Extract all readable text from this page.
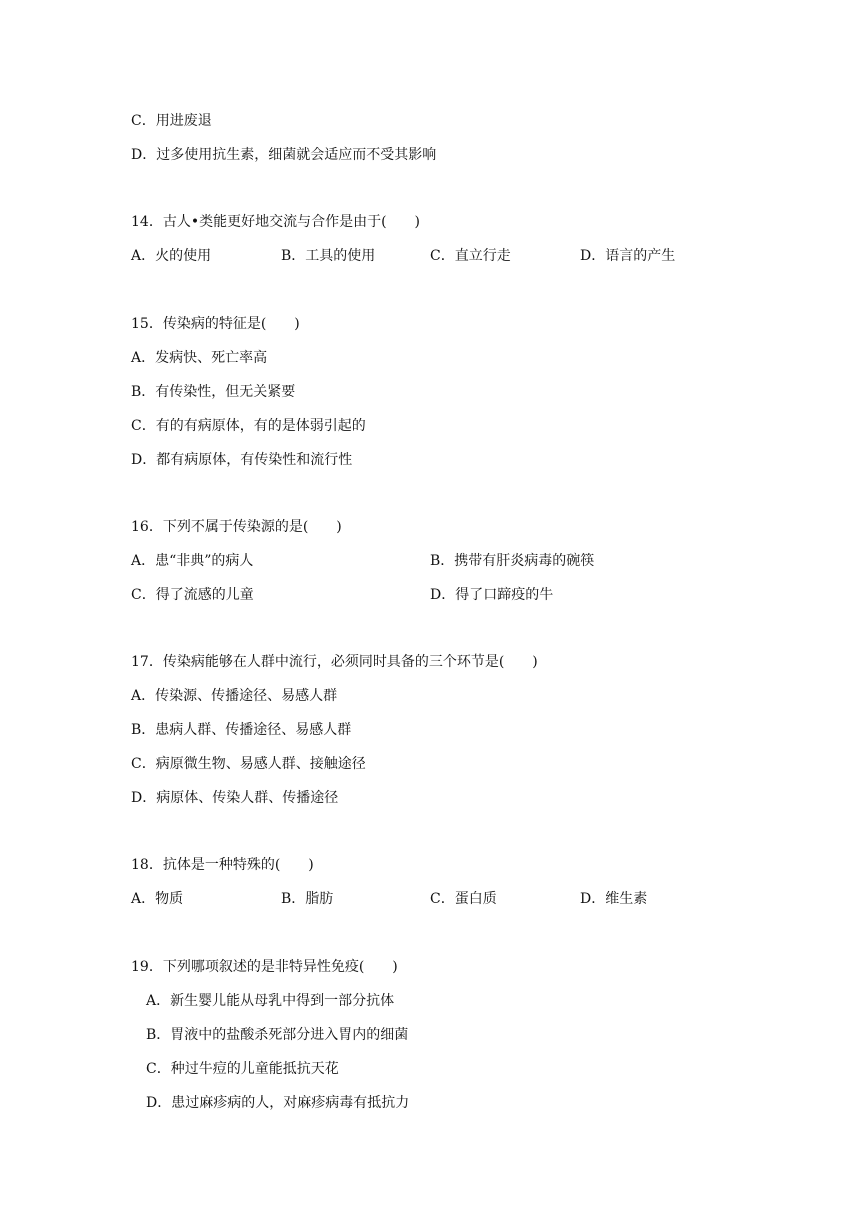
C．用进废退
D．过多使用抗生素，细菌就会适应而不受其影响
14．古人•类能更好地交流与合作是由于(　　)
A．火的使用	B．工具的使用	C．直立行走	D．语言的产生
15．传染病的特征是(　　)
A．发病快、死亡率高
B．有传染性，但无关紧要
C．有的有病原体，有的是体弱引起的
D．都有病原体，有传染性和流行性
16．下列不属于传染源的是(　　)
A．患“非典”的病人	B．携带有肝炎病毒的碗筷
C．得了流感的儿童	D．得了口蹄疫的牛
17．传染病能够在人群中流行，必须同时具备的三个环节是(　　)
A．传染源、传播途径、易感人群
B．患病人群、传播途径、易感人群
C．病原微生物、易感人群、接触途径
D．病原体、传染人群、传播途径
18．抗体是一种特殊的(　　)
A．物质	B．脂肪	C．蛋白质	D．维生素
19．下列哪项叙述的是非特异性免疫(　　)
A．新生婴儿能从母乳中得到一部分抗体
B．胃液中的盐酸杀死部分进入胃内的细菌
C．种过牛痘的儿童能抵抗天花
D．患过麻疹病的人，对麻疹病毒有抵抗力
